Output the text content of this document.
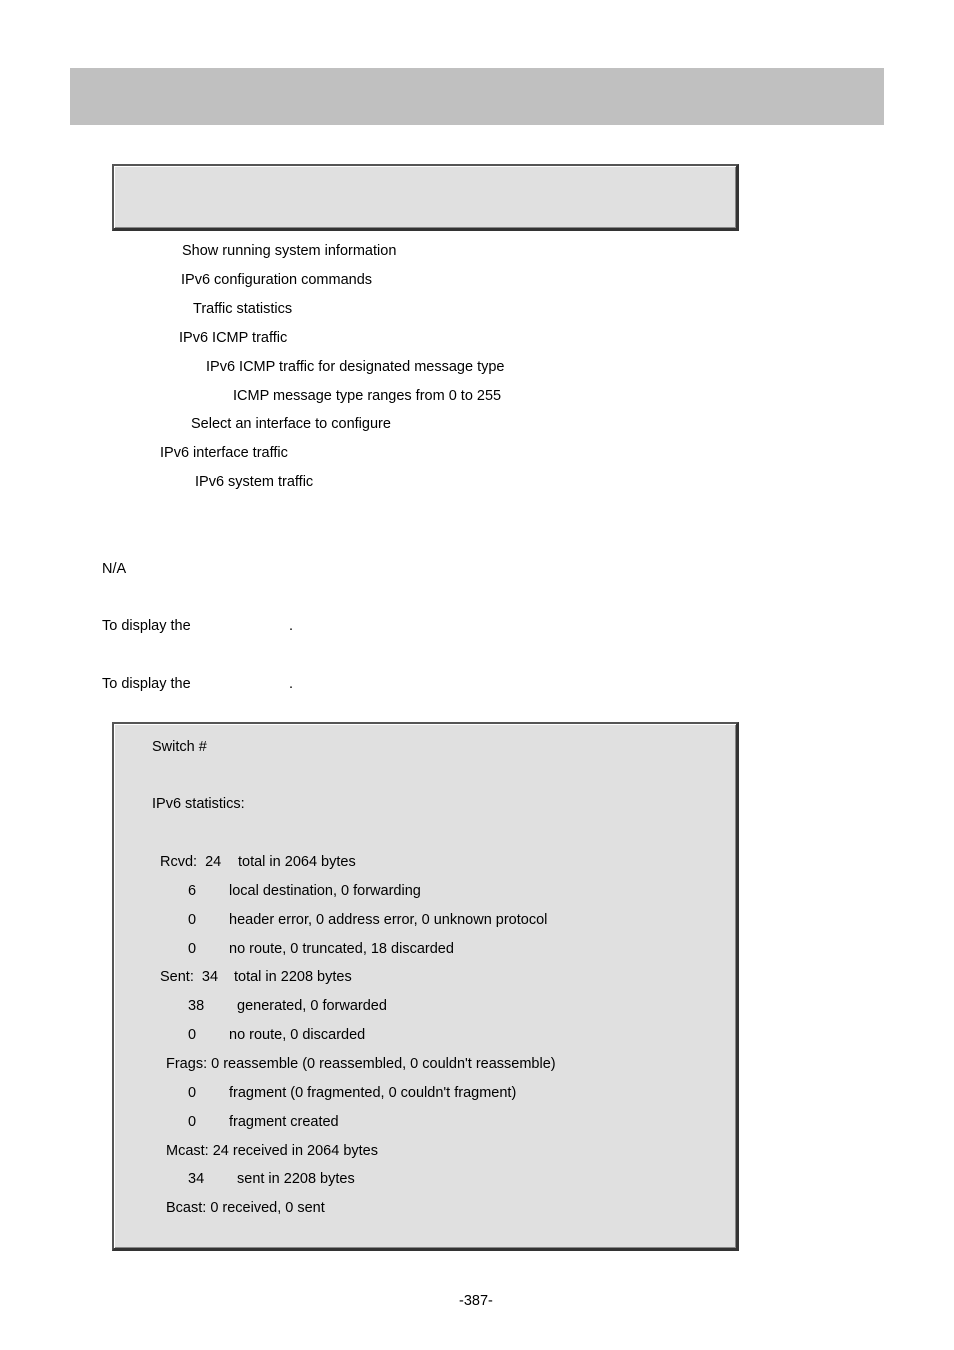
Show running system information
IPv6 configuration commands
Traffic statistics
IPv6 ICMP traffic
IPv6 ICMP traffic for designated message type
ICMP message type ranges from 0 to 255
Select an interface to configure
IPv6 interface traffic
IPv6 system traffic
N/A
To display the	.
To display the	.
Switch #
IPv6 statistics:
Rcvd:  24 total in 2064 bytes
6 local destination, 0 forwarding
0 header error, 0 address error, 0 unknown protocol
0 no route, 0 truncated, 18 discarded
Sent:  34 total in 2208 bytes
38 generated, 0 forwarded
0 no route, 0 discarded
Frags: 0 reassemble (0 reassembled, 0 couldn't reassemble)
0 fragment (0 fragmented, 0 couldn't fragment)
0 fragment created
Mcast: 24 received in 2064 bytes
34 sent in 2208 bytes
Bcast: 0 received, 0 sent
-387-
